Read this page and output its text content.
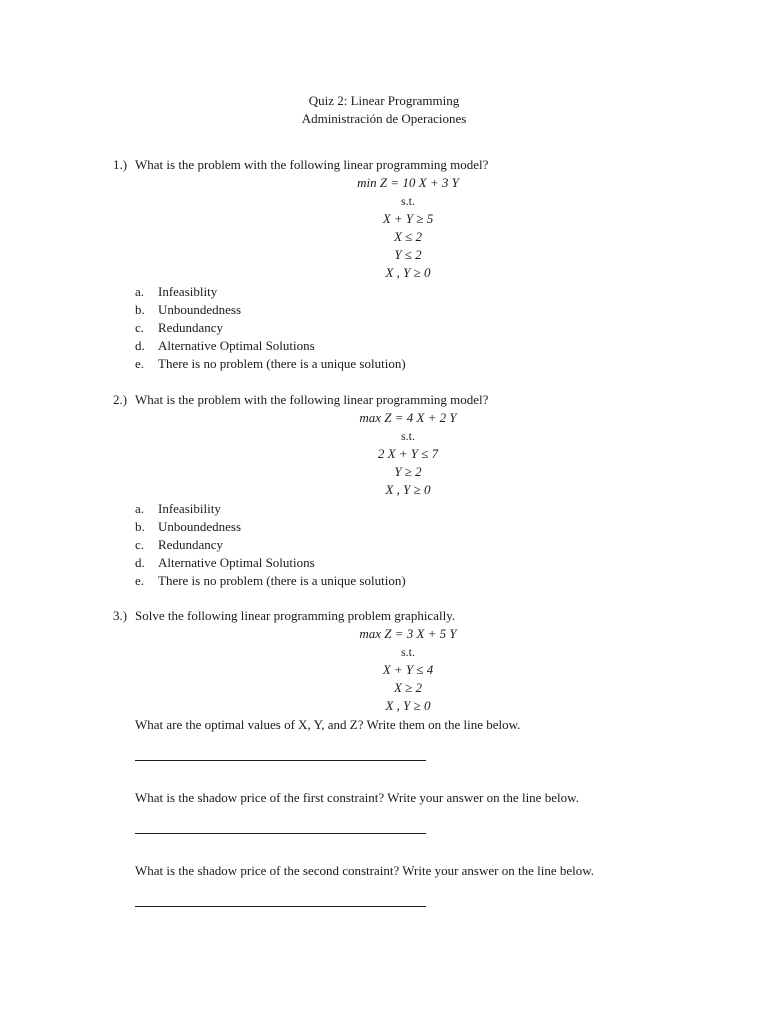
Quiz 2: Linear Programming
Administración de Operaciones
1.) What is the problem with the following linear programming model?
min Z = 10 X + 3 Y
s.t.
X + Y ≥ 5
X ≤ 2
Y ≤ 2
X , Y ≥ 0
a. Infeasiblity
b. Unboundedness
c. Redundancy
d. Alternative Optimal Solutions
e. There is no problem (there is a unique solution)
2.) What is the problem with the following linear programming model?
max Z = 4 X + 2 Y
s.t.
2 X + Y ≤ 7
Y ≥ 2
X , Y ≥ 0
a. Infeasibility
b. Unboundedness
c. Redundancy
d. Alternative Optimal Solutions
e. There is no problem (there is a unique solution)
3.) Solve the following linear programming problem graphically.
max Z = 3 X + 5 Y
s.t.
X + Y ≤ 4
X ≥ 2
X , Y ≥ 0
What are the optimal values of X, Y, and Z? Write them on the line below.
What is the shadow price of the first constraint? Write your answer on the line below.
What is the shadow price of the second constraint? Write your answer on the line below.
